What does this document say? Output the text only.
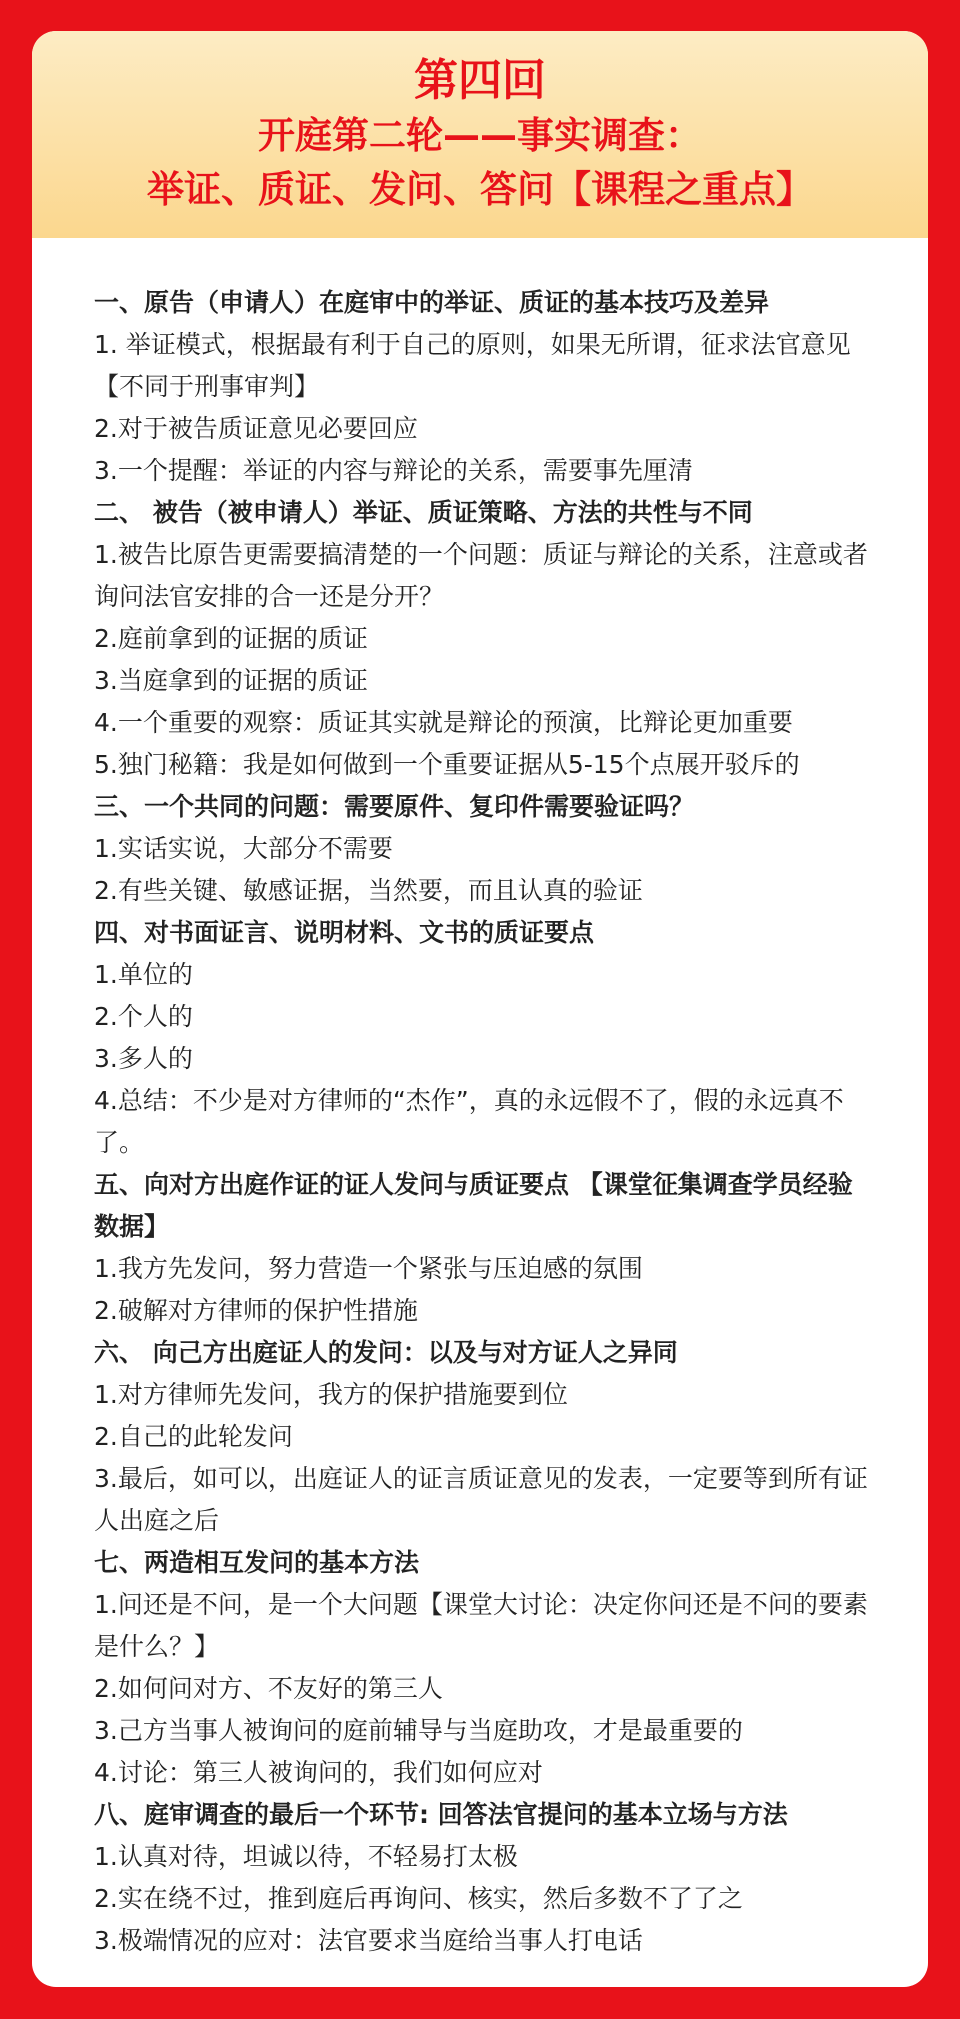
第四回
开庭第二轮——事实调查：
举证、质证、发问、答问【课程之重点】
一、原告（申请人）在庭审中的举证、质证的基本技巧及差异
1. 举证模式，根据最有利于自己的原则，如果无所谓，征求法官意见【不同于刑事审判】
2.对于被告质证意见必要回应
3.一个提醒：举证的内容与辩论的关系，需要事先厘清
二、 被告（被申请人）举证、质证策略、方法的共性与不同
1.被告比原告更需要搞清楚的一个问题：质证与辩论的关系，注意或者询问法官安排的合一还是分开？
2.庭前拿到的证据的质证
3.当庭拿到的证据的质证
4.一个重要的观察：质证其实就是辩论的预演，比辩论更加重要
5.独门秘籍：我是如何做到一个重要证据从5-15个点展开驳斥的
三、一个共同的问题：需要原件、复印件需要验证吗？
1.实话实说，大部分不需要
2.有些关键、敏感证据，当然要，而且认真的验证
四、对书面证言、说明材料、文书的质证要点
1.单位的
2.个人的
3.多人的
4.总结：不少是对方律师的“杰作”，真的永远假不了，假的永远真不了。
五、向对方出庭作证的证人发问与质证要点 【课堂征集调查学员经验数据】
1.我方先发问，努力营造一个紧张与压迫感的氛围
2.破解对方律师的保护性措施
六、 向己方出庭证人的发问：以及与对方证人之异同
1.对方律师先发问，我方的保护措施要到位
2.自己的此轮发问
3.最后，如可以，出庭证人的证言质证意见的发表，一定要等到所有证人出庭之后
七、两造相互发问的基本方法
1.问还是不问，是一个大问题【课堂大讨论：决定你问还是不问的要素是什么？】
2.如何问对方、不友好的第三人
3.己方当事人被询问的庭前辅导与当庭助攻，才是最重要的
4.讨论：第三人被询问的，我们如何应对
八、庭审调查的最后一个环节: 回答法官提问的基本立场与方法
1.认真对待，坦诚以待，不轻易打太极
2.实在绕不过，推到庭后再询问、核实，然后多数不了了之
3.极端情况的应对：法官要求当庭给当事人打电话
